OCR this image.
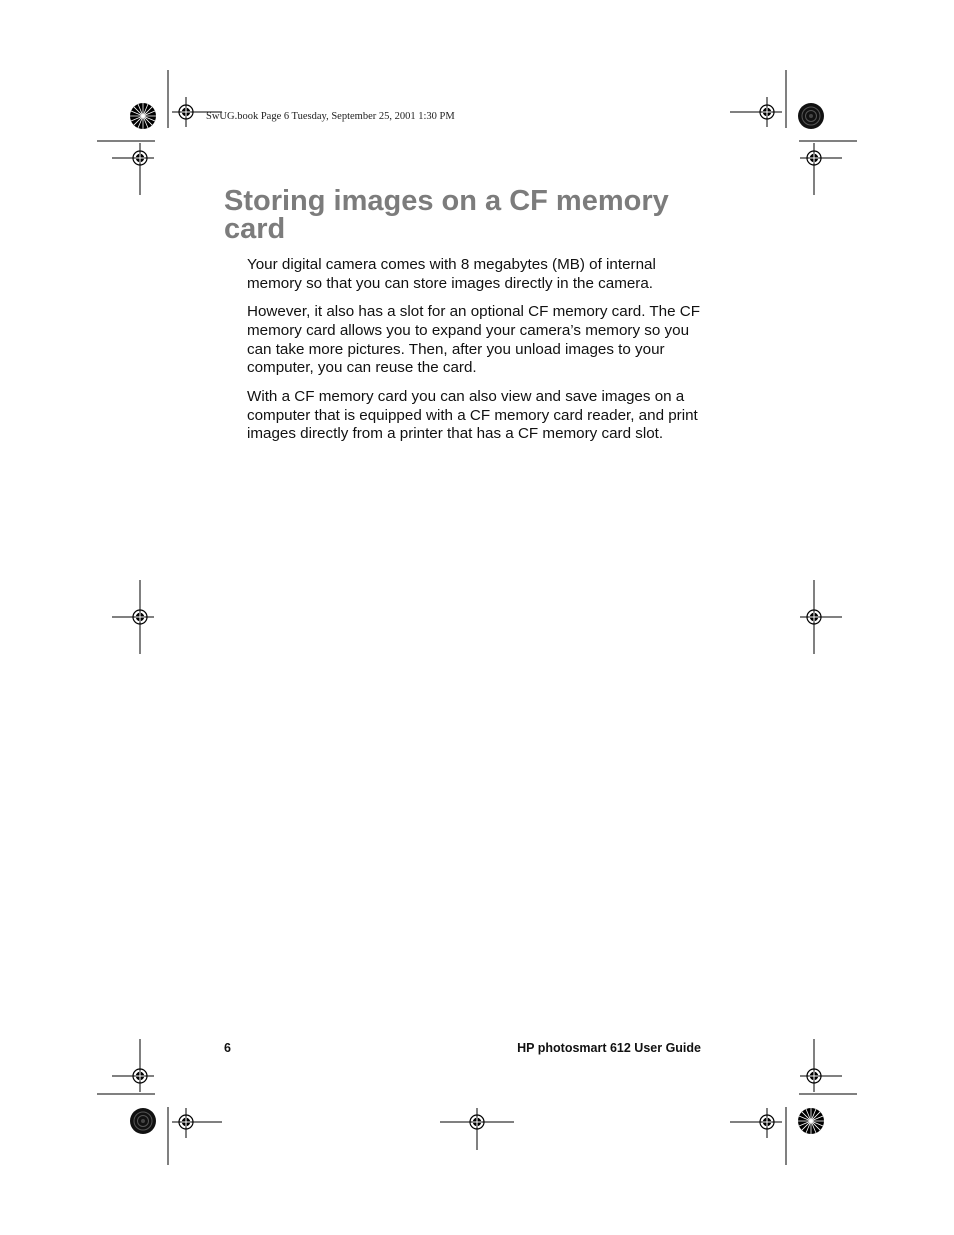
SwUG.book Page 6 Tuesday, September 25, 2001 1:30 PM

Storing images on a CF memory card

Your digital camera comes with 8 megabytes (MB) of internal memory so that you can store images directly in the camera.

However, it also has a slot for an optional CF memory card. The CF memory card allows you to expand your camera’s memory so you can take more pictures. Then, after you unload images to your computer, you can reuse the card.

With a CF memory card you can also view and save images on a computer that is equipped with a CF memory card reader, and print images directly from a printer that has a CF memory card slot.

6	HP photosmart 612 User Guide
